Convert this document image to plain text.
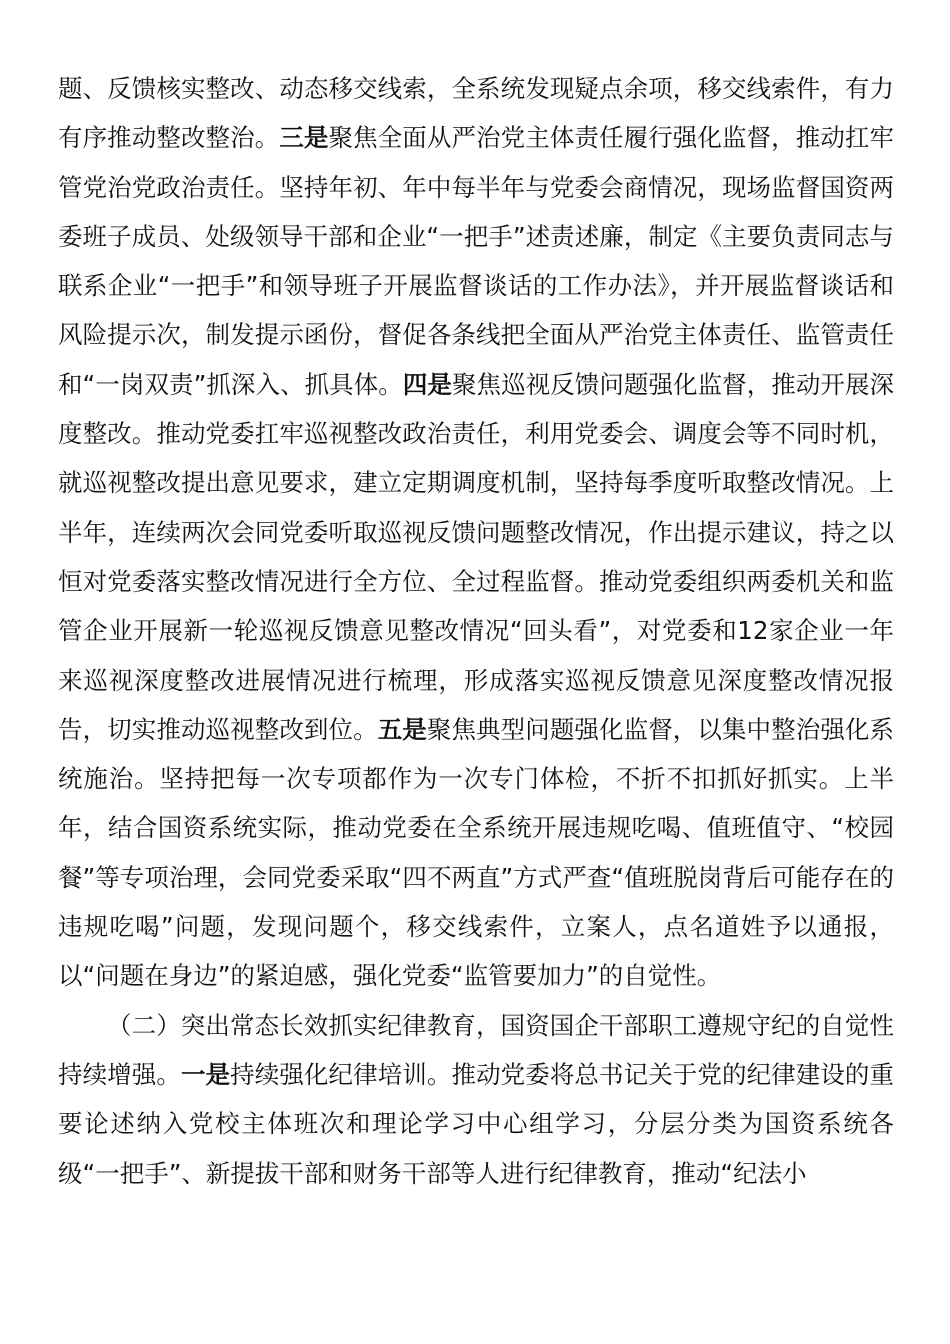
题、反馈核实整改、动态移交线索，全系统发现疑点余项，移交线索件，有力有序推动整改整治。三是聚焦全面从严治党主体责任履行强化监督，推动扛牢管党治党政治责任。坚持年初、年中每半年与党委会商情况，现场监督国资两委班子成员、处级领导干部和企业“一把手”述责述廉，制定《主要负责同志与联系企业“一把手”和领导班子开展监督谈话的工作办法》，并开展监督谈话和风险提示次，制发提示函份，督促各条线把全面从严治党主体责任、监管责任和“一岗双责”抓深入、抓具体。四是聚焦巡视反馈问题强化监督，推动开展深度整改。推动党委扛牢巡视整改政治责任，利用党委会、调度会等不同时机，就巡视整改提出意见要求，建立定期调度机制，坚持每季度听取整改情况。上半年，连续两次会同党委听取巡视反馈问题整改情况，作出提示建议，持之以恒对党委落实整改情况进行全方位、全过程监督。推动党委组织两委机关和监管企业开展新一轮巡视反馈意见整改情况“回头看”，对党委和12家企业一年来巡视深度整改进展情况进行梳理，形成落实巡视反馈意见深度整改情况报告，切实推动巡视整改到位。五是聚焦典型问题强化监督，以集中整治强化系统施治。坚持把每一次专项都作为一次专门体检，不折不扣抓好抓实。上半年，结合国资系统实际，推动党委在全系统开展违规吃喝、值班值守、“校园餐”等专项治理，会同党委采取“四不两直”方式严查“值班脱岗背后可能存在的违规吃喝”问题，发现问题个，移交线索件，立案人，点名道姓予以通报，以“问题在身边”的紧迫感，强化党委“监管要加力”的自觉性。

（二）突出常态长效抓实纪律教育，国资国企干部职工遵规守纪的自觉性持续增强。一是持续强化纪律培训。推动党委将总书记关于党的纪律建设的重要论述纳入党校主体班次和理论学习中心组学习，分层分类为国资系统各级“一把手”、新提拔干部和财务干部等人进行纪律教育，推动“纪法小
